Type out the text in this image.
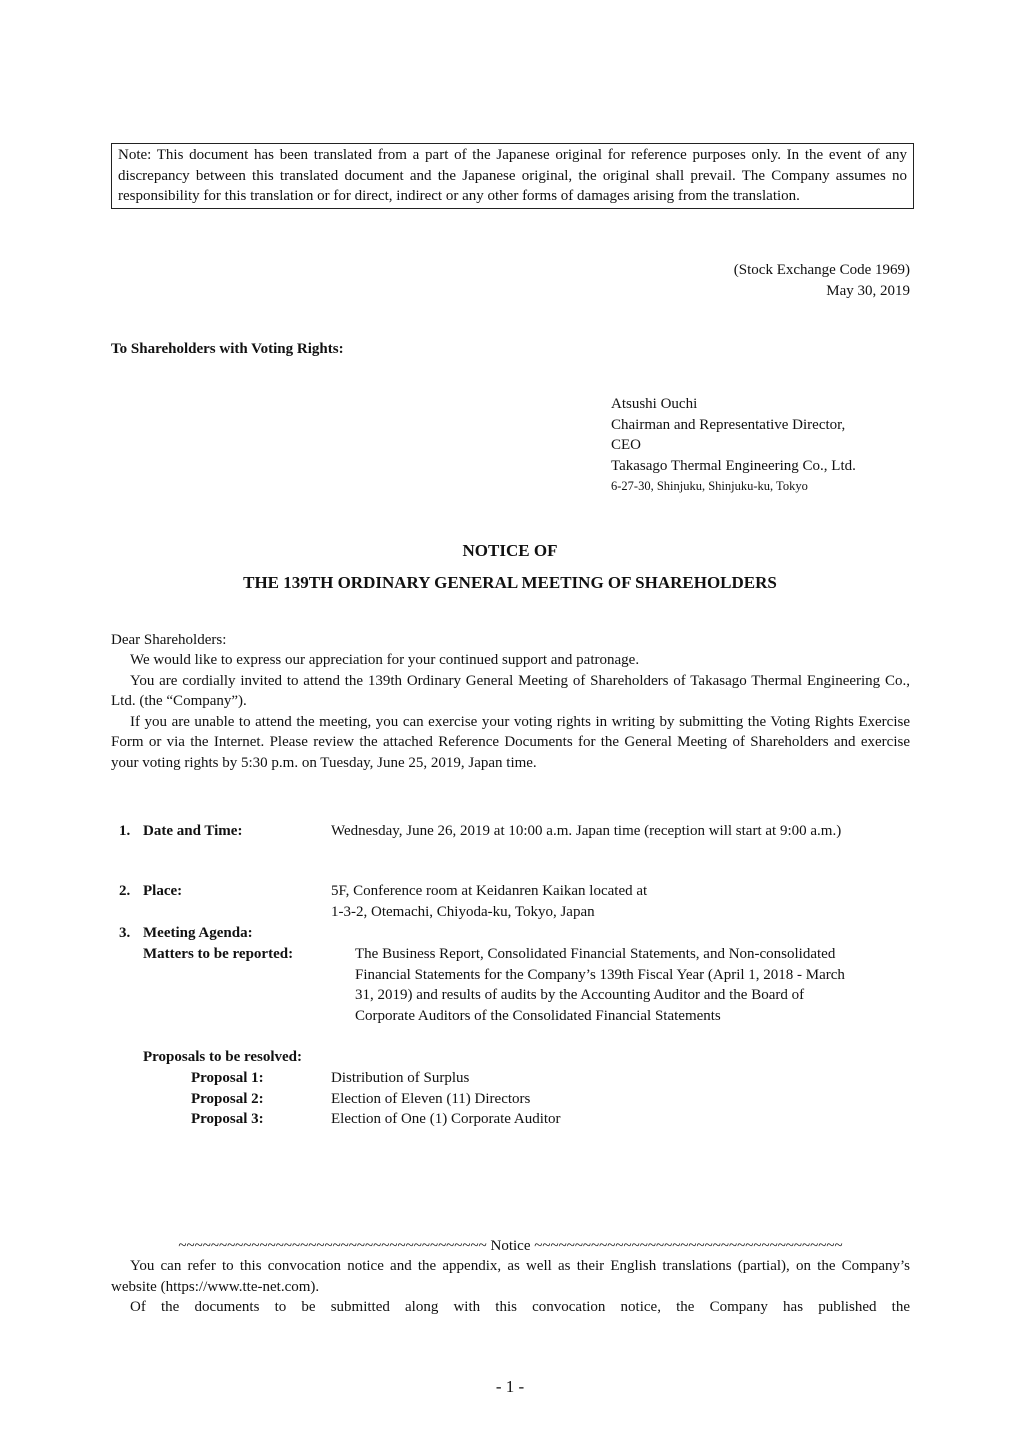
Note: This document has been translated from a part of the Japanese original for reference purposes only. In the event of any discrepancy between this translated document and the Japanese original, the original shall prevail. The Company assumes no responsibility for this translation or for direct, indirect or any other forms of damages arising from the translation.
(Stock Exchange Code 1969)
May 30, 2019
To Shareholders with Voting Rights:
Atsushi Ouchi
Chairman and Representative Director,
CEO
Takasago Thermal Engineering Co., Ltd.
6-27-30, Shinjuku, Shinjuku-ku, Tokyo
NOTICE OF
THE 139TH ORDINARY GENERAL MEETING OF SHAREHOLDERS
Dear Shareholders:
We would like to express our appreciation for your continued support and patronage.
You are cordially invited to attend the 139th Ordinary General Meeting of Shareholders of Takasago Thermal Engineering Co., Ltd. (the “Company”).
If you are unable to attend the meeting, you can exercise your voting rights in writing by submitting the Voting Rights Exercise Form or via the Internet. Please review the attached Reference Documents for the General Meeting of Shareholders and exercise your voting rights by 5:30 p.m. on Tuesday, June 25, 2019, Japan time.
1. Date and Time:	Wednesday, June 26, 2019 at 10:00 a.m. Japan time (reception will start at 9:00 a.m.)
2. Place:	5F, Conference room at Keidanren Kaikan located at
1-3-2, Otemachi, Chiyoda-ku, Tokyo, Japan
3. Meeting Agenda:
Matters to be reported:	The Business Report, Consolidated Financial Statements, and Non-consolidated Financial Statements for the Company’s 139th Fiscal Year (April 1, 2018 - March 31, 2019) and results of audits by the Accounting Auditor and the Board of Corporate Auditors of the Consolidated Financial Statements
Proposals to be resolved:
Proposal 1:	Distribution of Surplus
Proposal 2:	Election of Eleven (11) Directors
Proposal 3:	Election of One (1) Corporate Auditor
~~~~~~~~~~~~~~~~~~~~~~~~~~~~~~~~~~~~~~ Notice ~~~~~~~~~~~~~~~~~~~~~~~~~~~~~~~~~~~~~~
You can refer to this convocation notice and the appendix, as well as their English translations (partial), on the Company’s website (https://www.tte-net.com).
Of the documents to be submitted along with this convocation notice, the Company has published the
- 1 -
